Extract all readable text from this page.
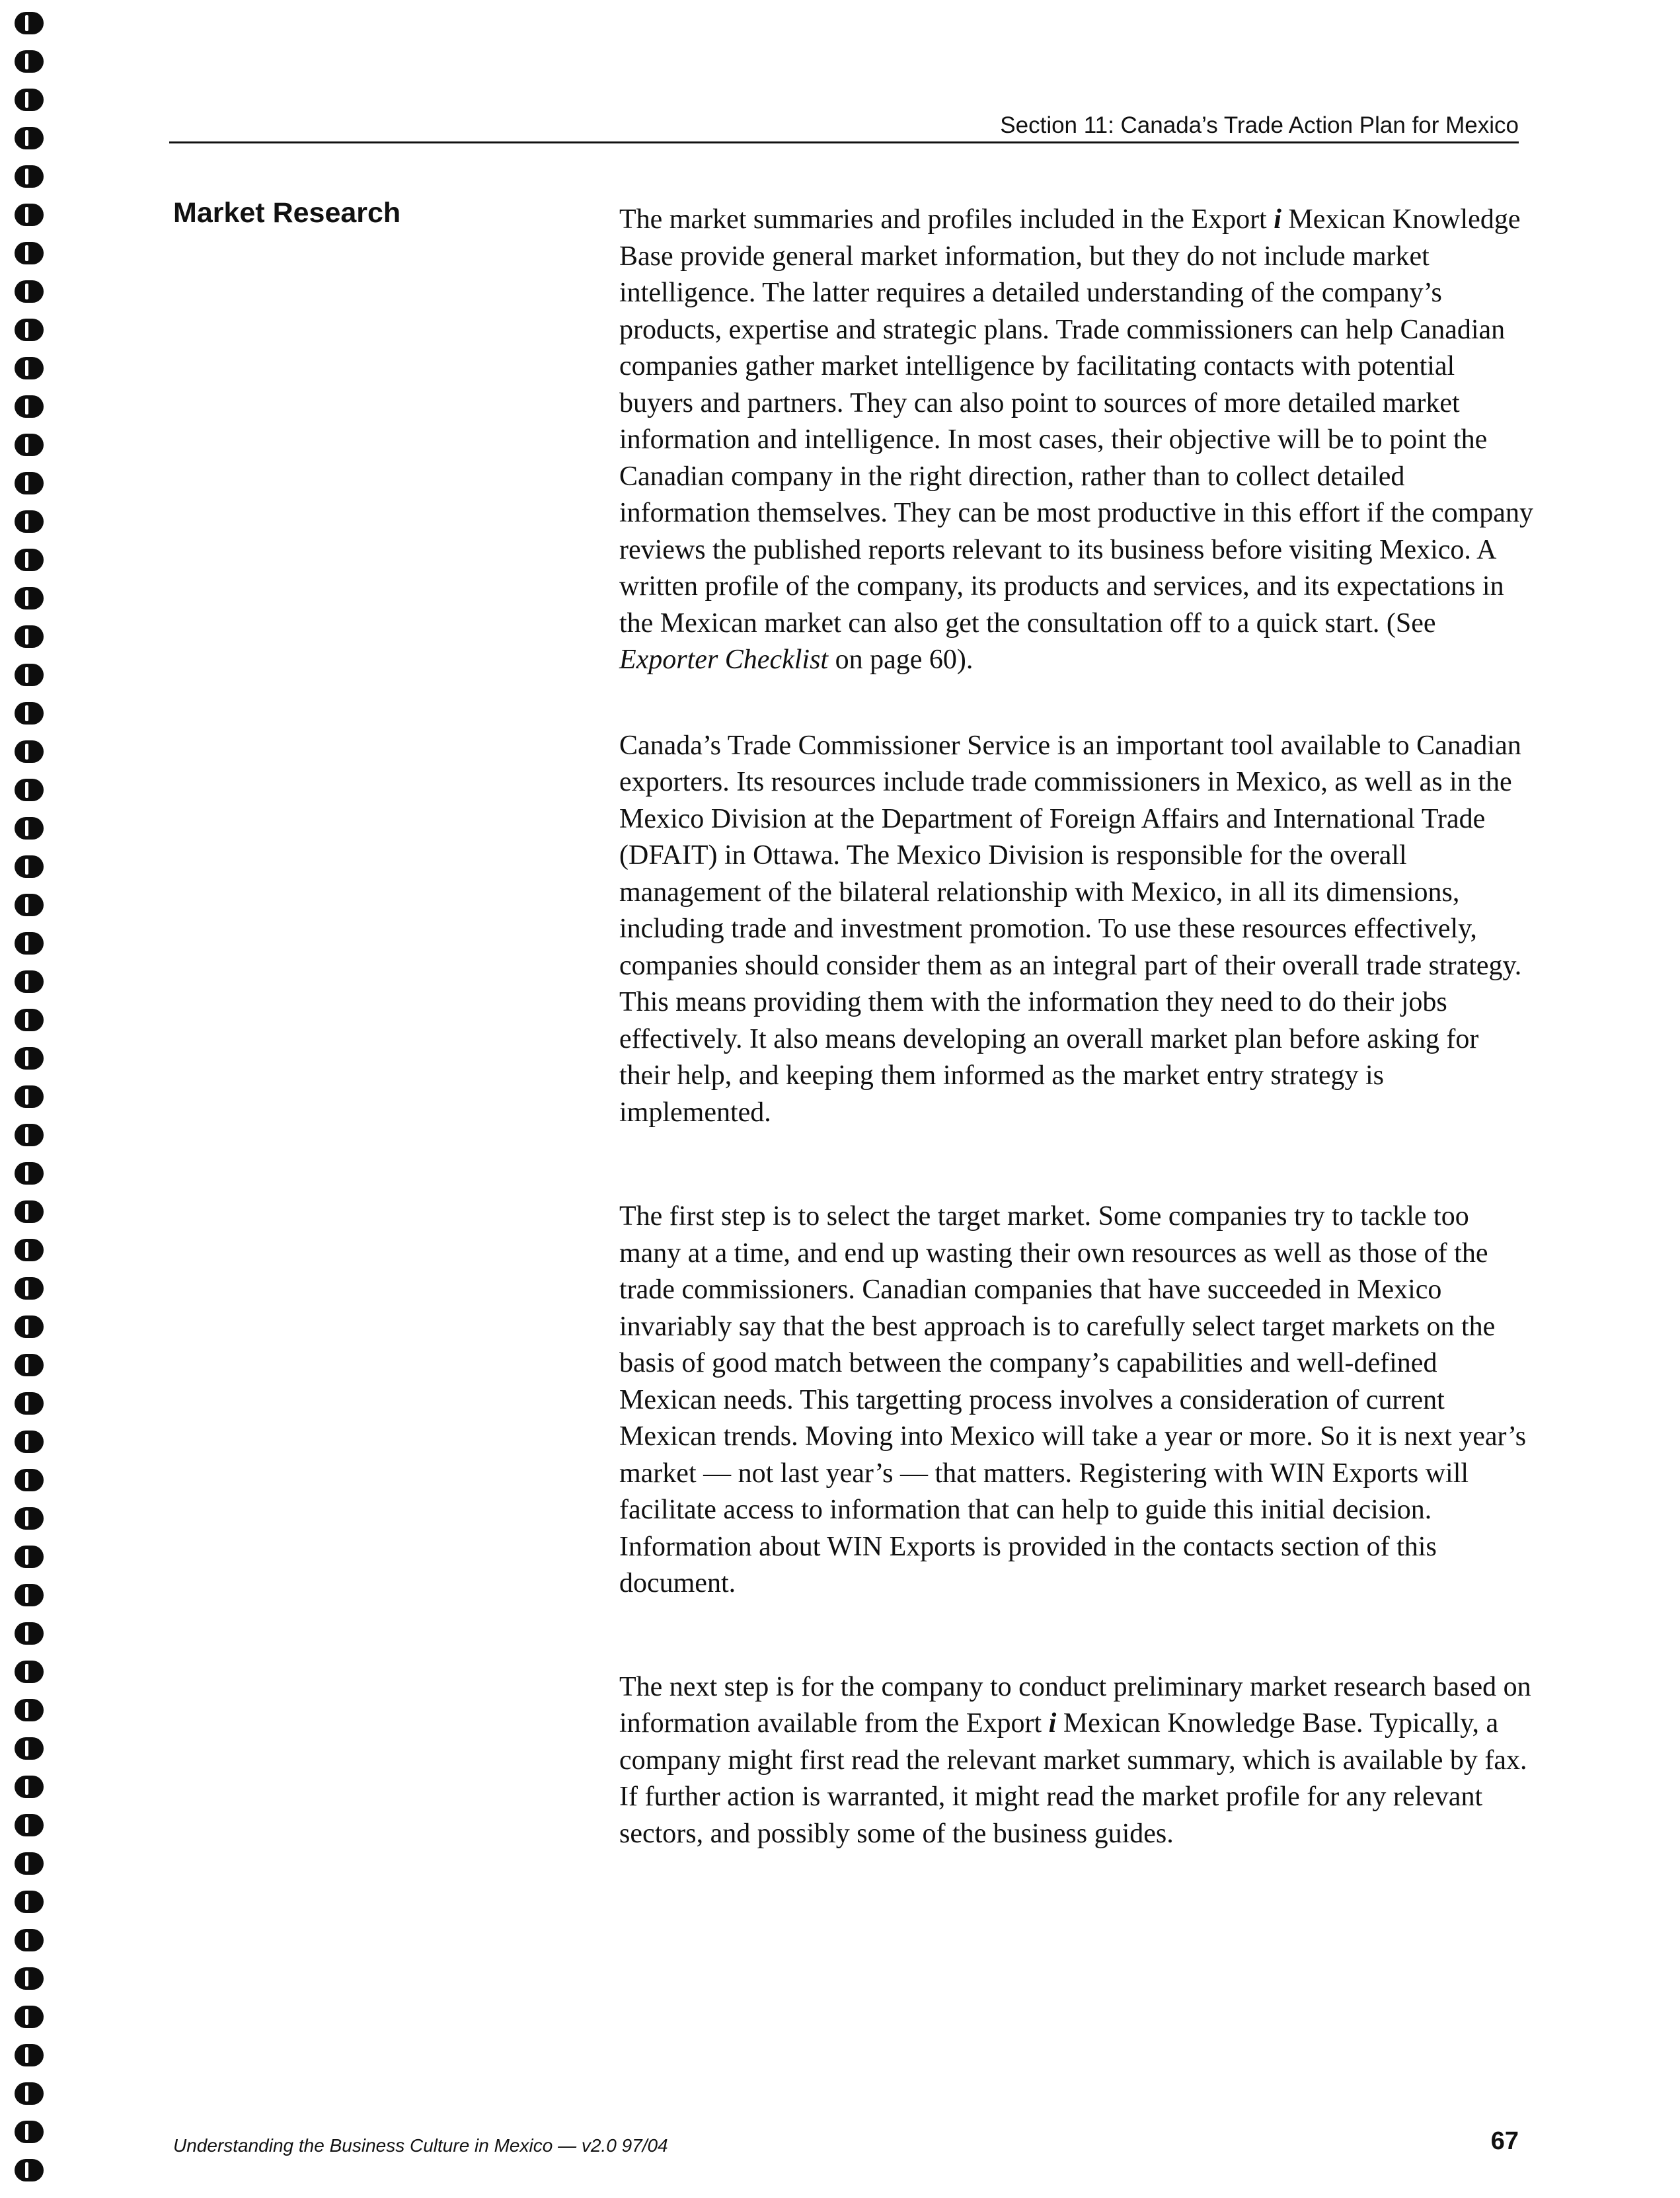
Section 11: Canada’s Trade Action Plan for Mexico
Market Research	The market summaries and profiles included in the Export i Mexican Knowledge Base provide general market information, but they do not include market intelligence. The latter requires a detailed understanding of the company’s products, expertise and strategic plans. Trade commissioners can help Canadian companies gather market intelligence by facilitating contacts with potential buyers and partners. They can also point to sources of more detailed market information and intelligence. In most cases, their objective will be to point the Canadian company in the right direction, rather than to collect detailed information themselves. They can be most productive in this effort if the company reviews the published reports relevant to its business before visiting Mexico. A written profile of the company, its products and services, and its expectations in the Mexican market can also get the consultation off to a quick start. (See Exporter Checklist on page 60).

Canada’s Trade Commissioner Service is an important tool available to Canadian exporters. Its resources include trade commissioners in Mexico, as well as in the Mexico Division at the Department of Foreign Affairs and International Trade (DFAIT) in Ottawa. The Mexico Division is responsible for the overall management of the bilateral relationship with Mexico, in all its dimensions, including trade and investment promotion. To use these resources effectively, companies should consider them as an integral part of their overall trade strategy. This means providing them with the information they need to do their jobs effectively. It also means developing an overall market plan before asking for their help, and keeping them informed as the market entry strategy is implemented.

The first step is to select the target market. Some companies try to tackle too many at a time, and end up wasting their own resources as well as those of the trade commissioners. Canadian companies that have succeeded in Mexico invariably say that the best approach is to carefully select target markets on the basis of good match between the company’s capabilities and well-defined Mexican needs. This targetting process involves a consideration of current Mexican trends. Moving into Mexico will take a year or more. So it is next year’s market — not last year’s — that matters. Registering with WIN Exports will facilitate access to information that can help to guide this initial decision. Information about WIN Exports is provided in the contacts section of this document.

The next step is for the company to conduct preliminary market research based on information available from the Export i Mexican Knowledge Base. Typically, a company might first read the relevant market summary, which is available by fax. If further action is warranted, it might read the market profile for any relevant sectors, and possibly some of the business guides.

Understanding the Business Culture in Mexico — v2.0 97/04	67
